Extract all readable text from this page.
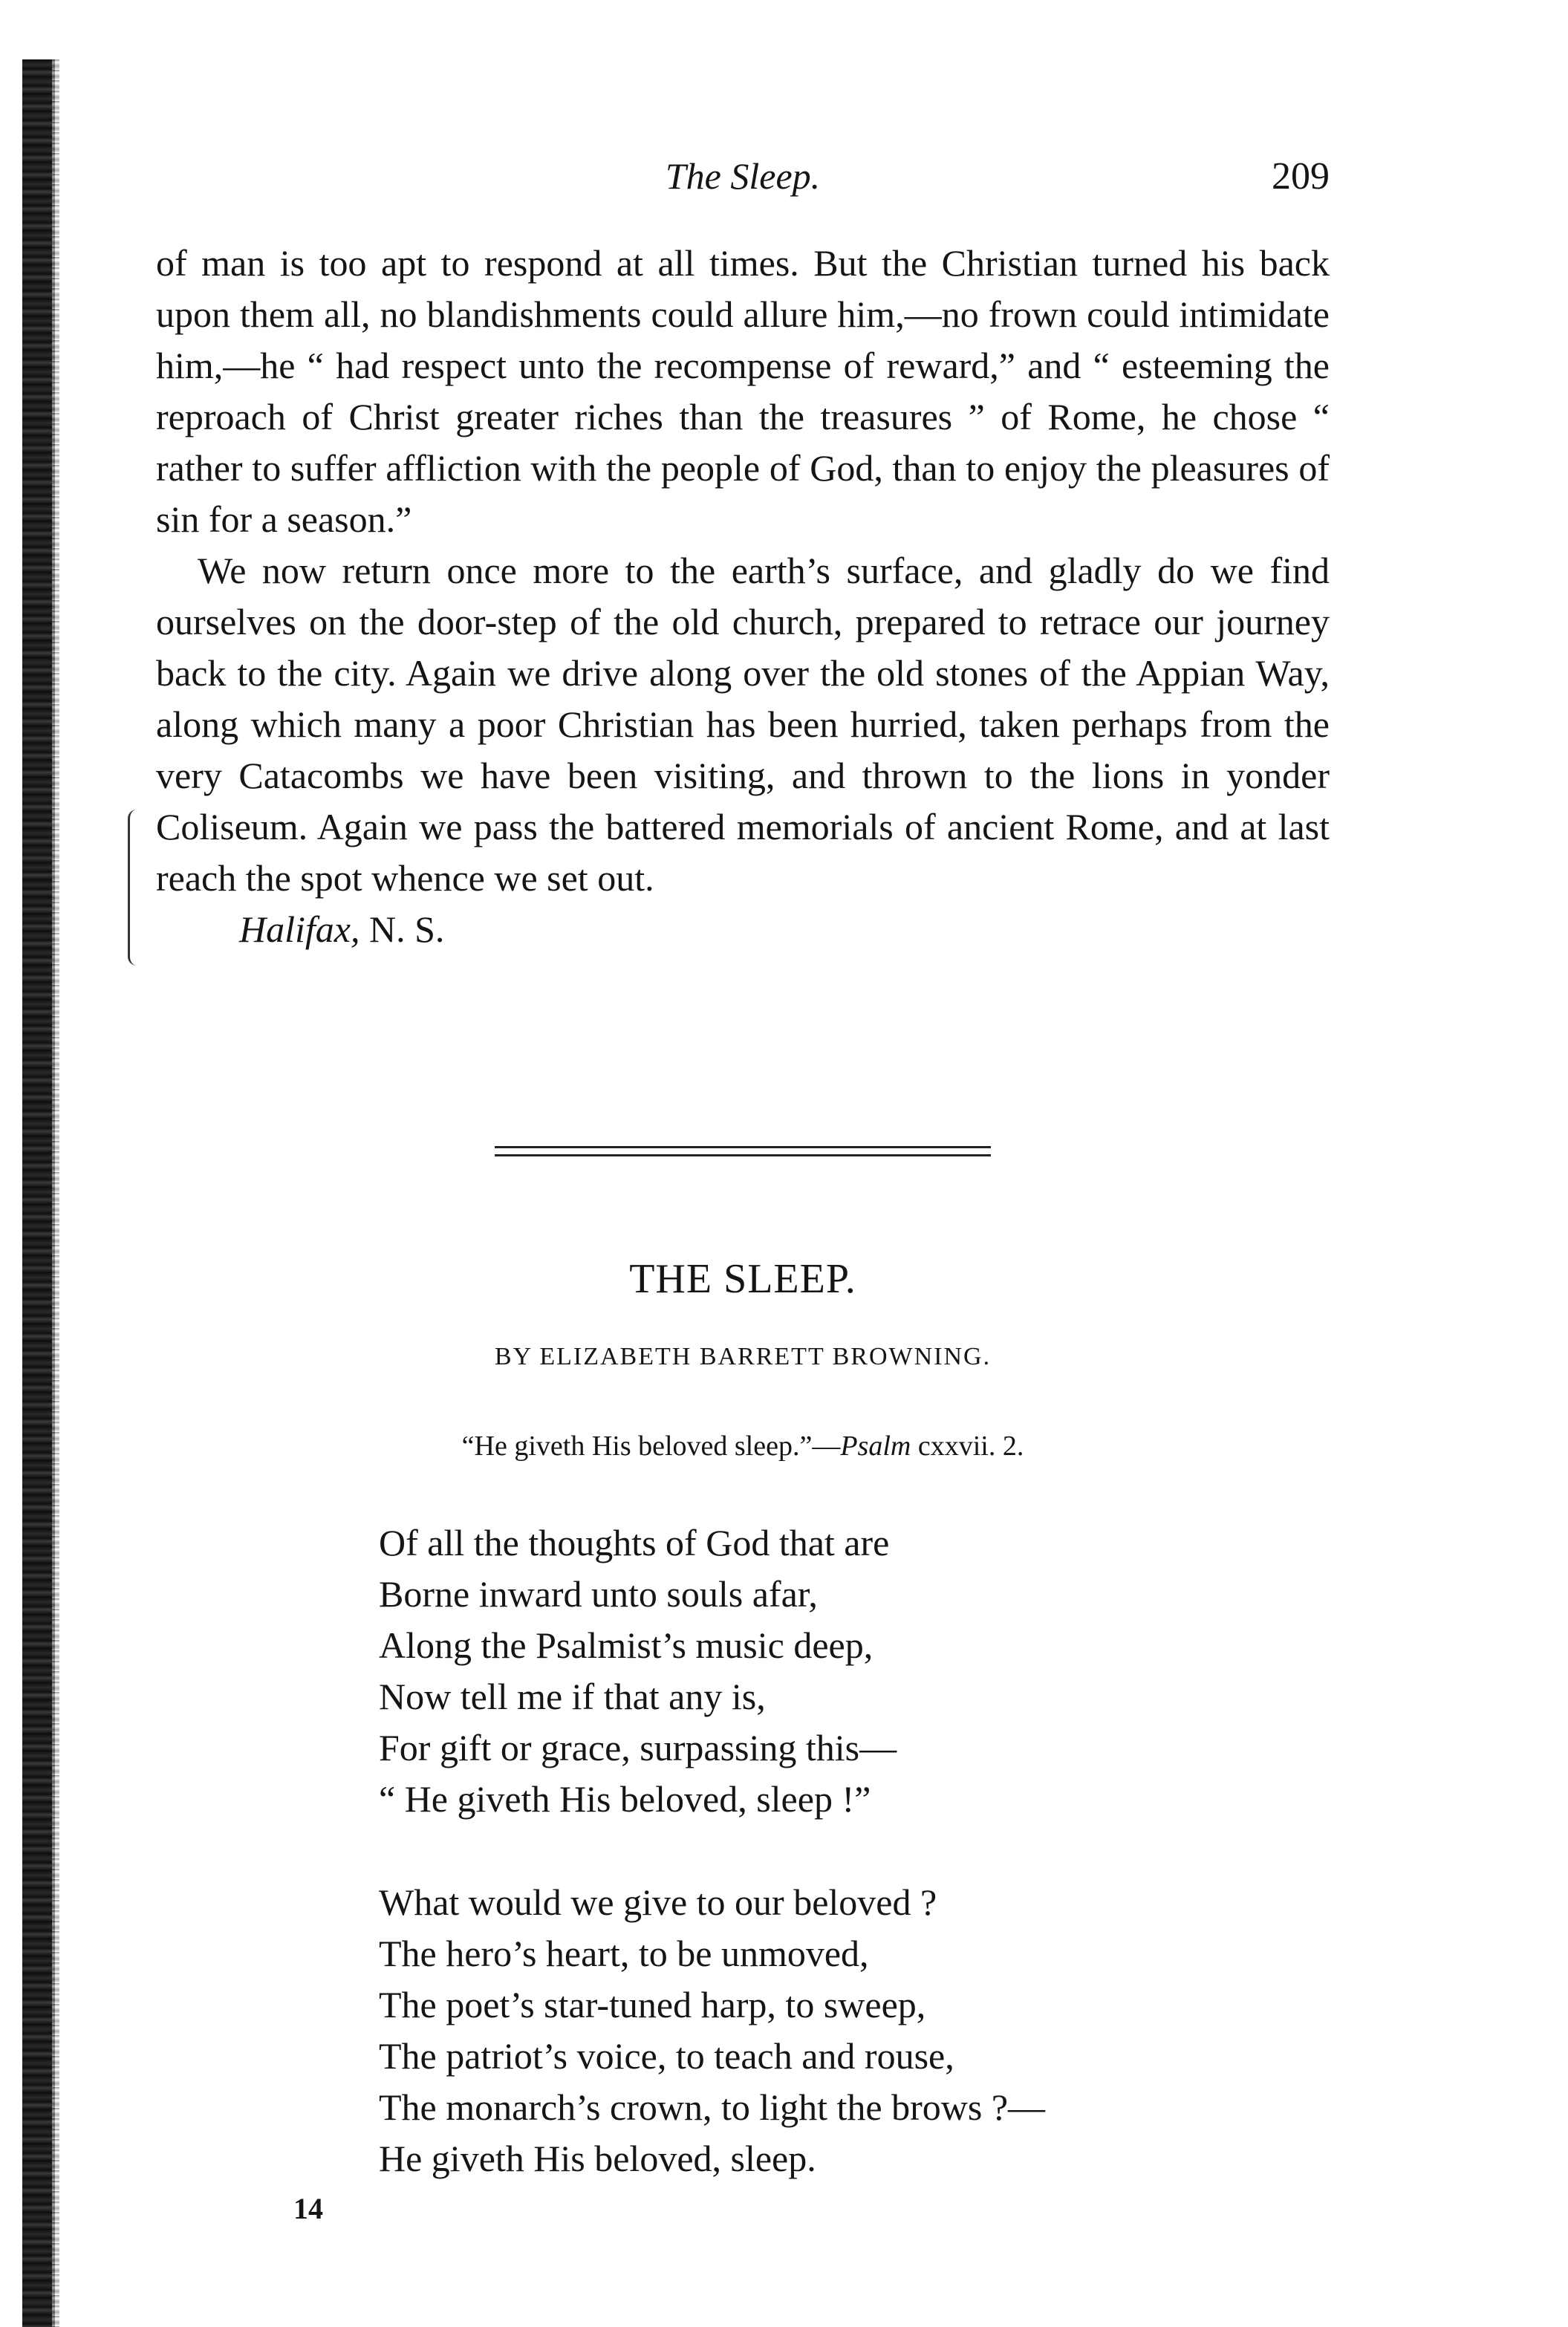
The Sleep.	209

of man is too apt to respond at all times. But the Christian turned his back upon them all, no blandishments could allure him,—no frown could intimidate him,—he “ had respect unto the recompense of reward,” and “ esteeming the reproach of Christ greater riches than the treasures ” of Rome, he chose “ rather to suffer affliction with the people of God, than to enjoy the pleasures of sin for a season.”

We now return once more to the earth’s surface, and gladly do we find ourselves on the door-step of the old church, prepared to retrace our journey back to the city. Again we drive along over the old stones of the Appian Way, along which many a poor Christian has been hurried, taken perhaps from the very Catacombs we have been visiting, and thrown to the lions in yonder Coliseum. Again we pass the battered memorials of ancient Rome, and at last reach the spot whence we set out.

Halifax, N. S.

THE SLEEP.
BY ELIZABETH BARRETT BROWNING.
“He giveth His beloved sleep.”—Psalm cxxvii. 2.
Of all the thoughts of God that are
Borne inward unto souls afar,
Along the Psalmist’s music deep,
Now tell me if that any is,
For gift or grace, surpassing this—
“ He giveth His beloved, sleep !”
What would we give to our beloved ?
The hero’s heart, to be unmoved,
The poet’s star-tuned harp, to sweep,
The patriot’s voice, to teach and rouse,
The monarch’s crown, to light the brows ?—
He giveth His beloved, sleep.
14
